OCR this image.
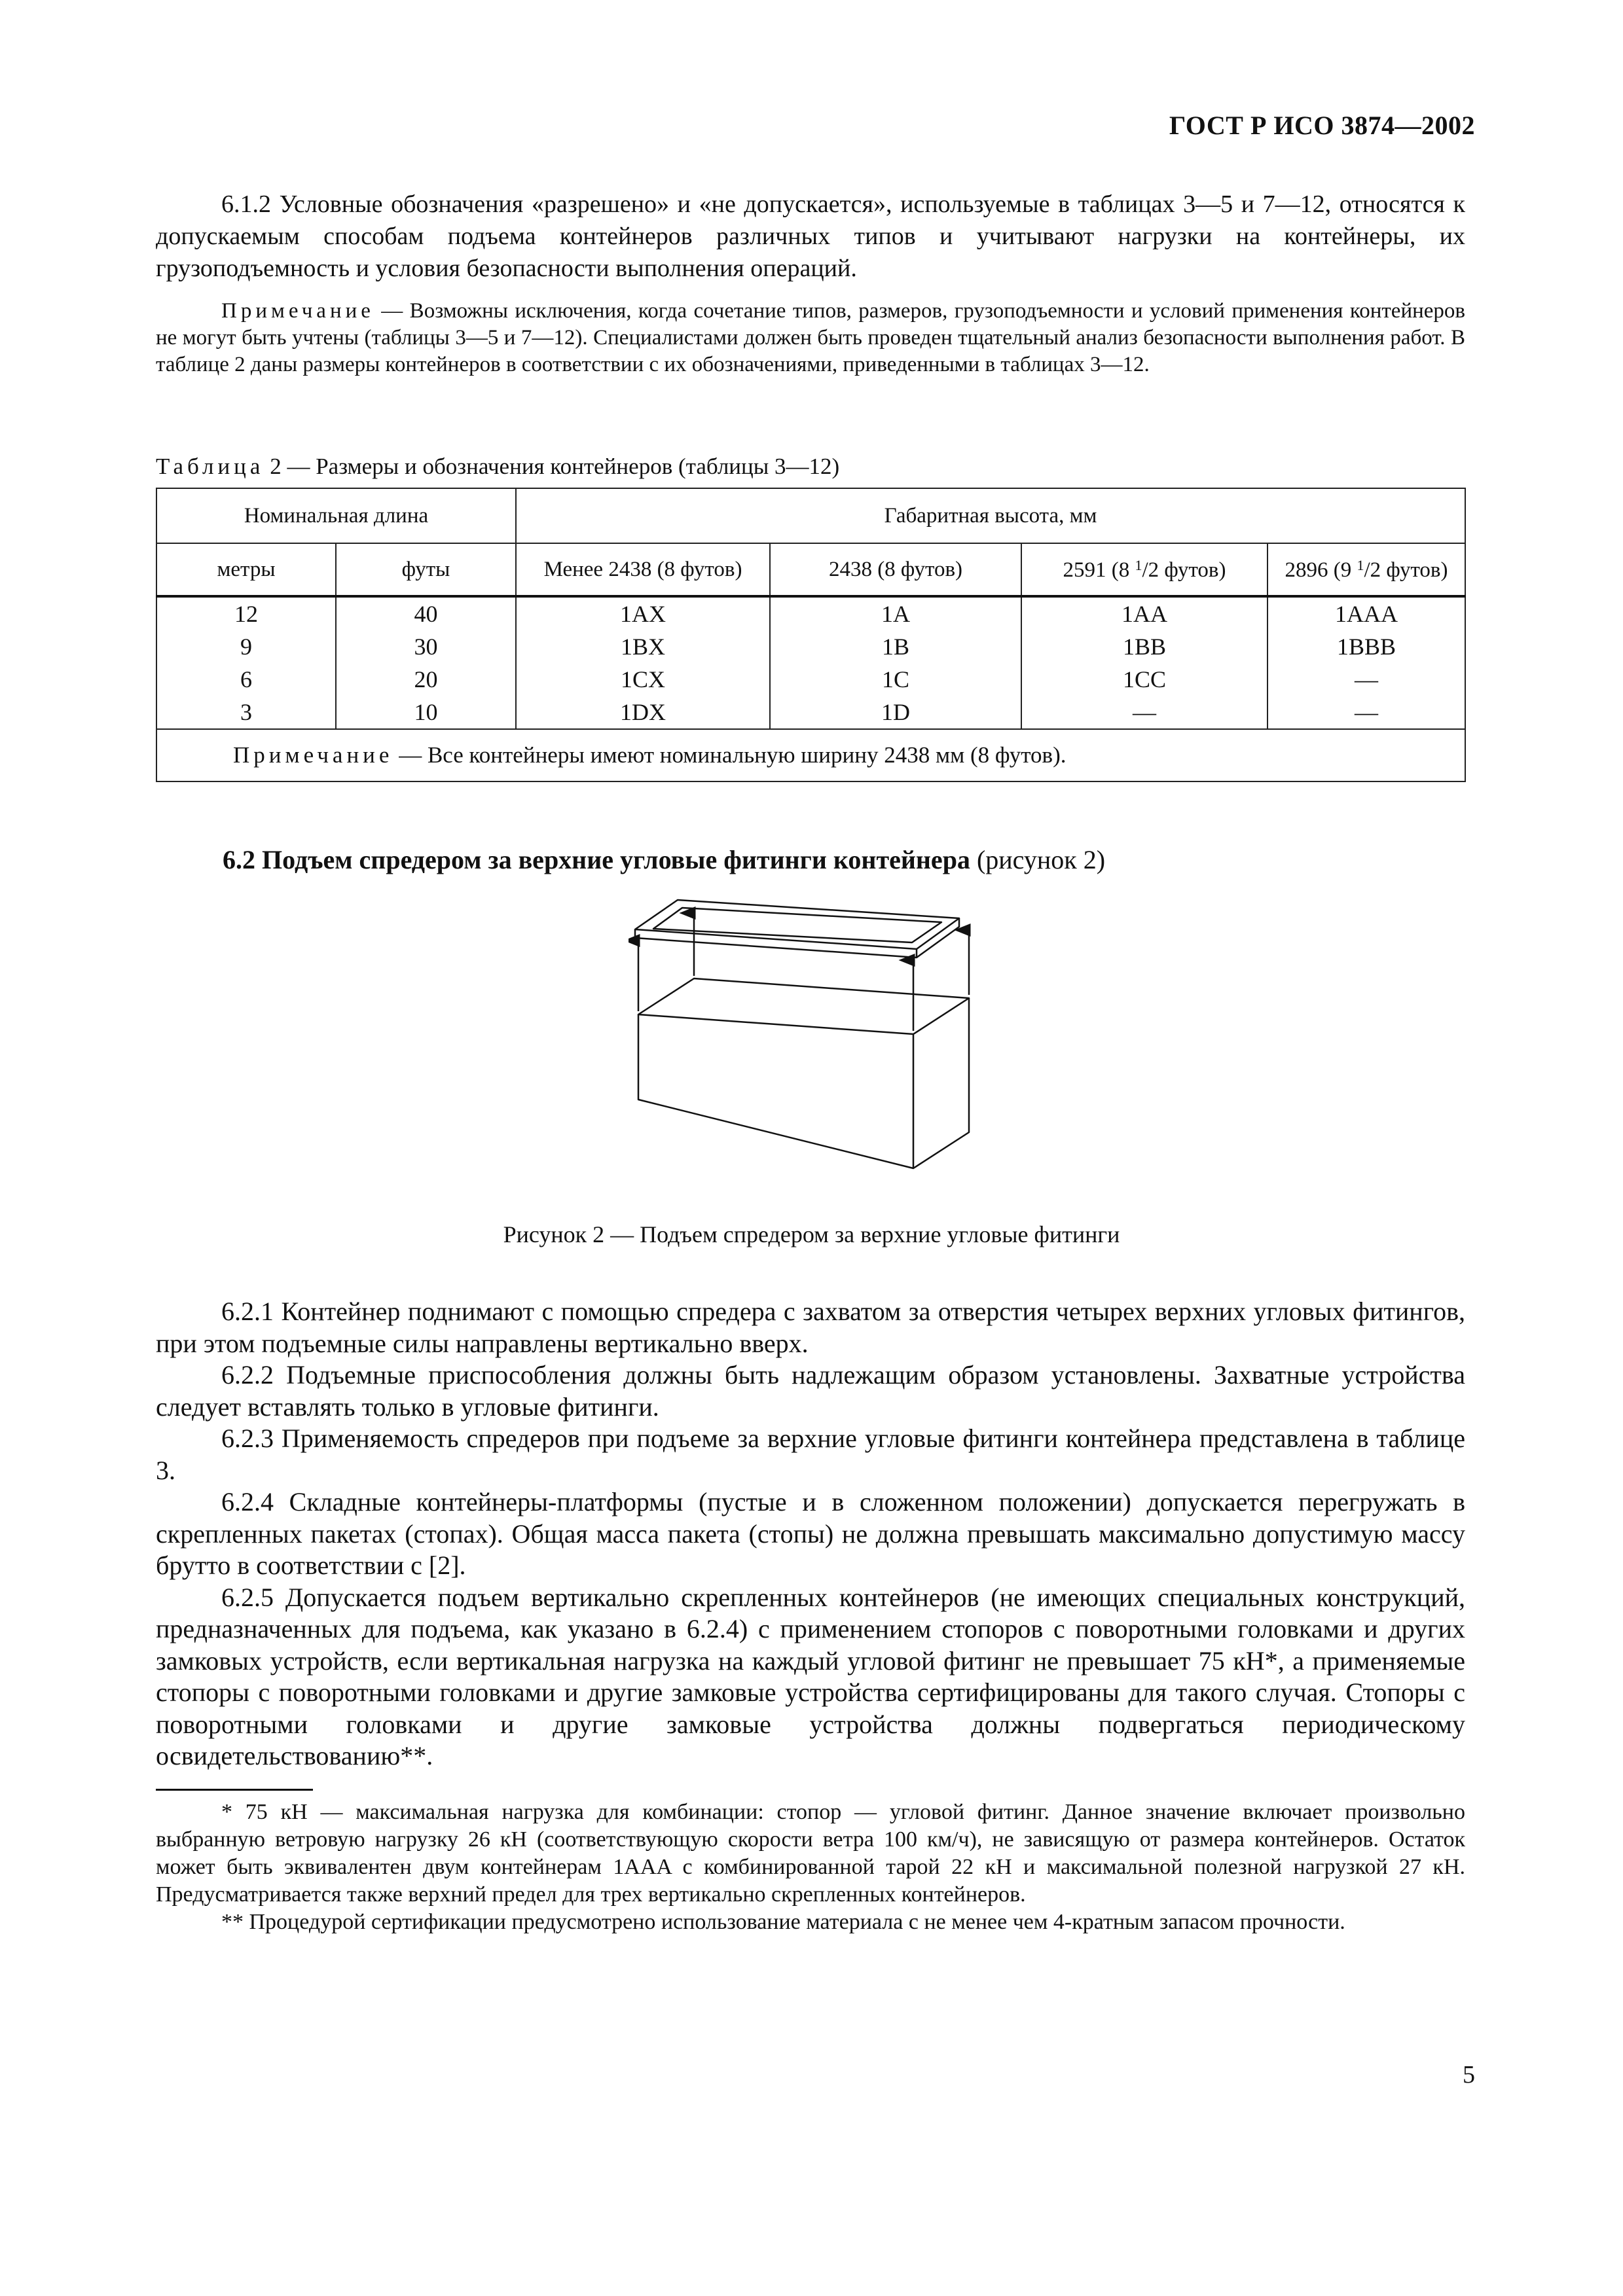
ГОСТ Р ИСО 3874—2002

6.1.2 Условные обозначения «разрешено» и «не допускается», используемые в таблицах 3—5 и 7—12, относятся к допускаемым способам подъема контейнеров различных типов и учитывают нагрузки на контейнеры, их грузоподъемность и условия безопасности выполнения операций.

Примечание — Возможны исключения, когда сочетание типов, размеров, грузоподъемности и условий применения контейнеров не могут быть учтены (таблицы 3—5 и 7—12). Специалистами должен быть проведен тщательный анализ безопасности выполнения работ. В таблице 2 даны размеры контейнеров в соответствии с их обозначениями, приведенными в таблицах 3—12.

Таблица 2 — Размеры и обозначения контейнеров (таблицы 3—12)
Номинальная длина		Габаритная высота, мм			
метры	футы	Менее 2438 (8 футов)	2438 (8 футов)	2591 (8 $^1$/2 футов)	2896 (9 $^1$/2 футов)
12	40	1AX	1A	1AA	1AAA
9	30	1BX	1B	1BB	1BBB
6	20	1CX	1C	1CC	—
3	10	1DX	1D	—	—
Примечание — Все контейнеры имеют номинальную ширину 2438 мм (8 футов).					
6.2 Подъем спредером за верхние угловые фитинги контейнера (рисунок 2)
Рисунок 2 — Подъем спредером за верхние угловые фитинги

6.2.1 Контейнер поднимают с помощью спредера с захватом за отверстия четырех верхних угловых фитингов, при этом подъемные силы направлены вертикально вверх.

6.2.2 Подъемные приспособления должны быть надлежащим образом установлены. Захватные устройства следует вставлять только в угловые фитинги.

6.2.3 Применяемость спредеров при подъеме за верхние угловые фитинги контейнера представлена в таблице 3.

6.2.4 Складные контейнеры-платформы (пустые и в сложенном положении) допускается перегружать в скрепленных пакетах (стопах). Общая масса пакета (стопы) не должна превышать максимально допустимую массу брутто в соответствии с [2].

6.2.5 Допускается подъем вертикально скрепленных контейнеров (не имеющих специальных конструкций, предназначенных для подъема, как указано в 6.2.4) с применением стопоров с поворотными головками и других замковых устройств, если вертикальная нагрузка на каждый угловой фитинг не превышает 75 кН*, а применяемые стопоры с поворотными головками и другие замковые устройства сертифицированы для такого случая. Стопоры с поворотными головками и другие замковые устройства должны подвергаться периодическому освидетельствованию**.

* 75 кН — максимальная нагрузка для комбинации: стопор — угловой фитинг. Данное значение включает произвольно выбранную ветровую нагрузку 26 кН (соответствующую скорости ветра 100 км/ч), не зависящую от размера контейнеров. Остаток может быть эквивалентен двум контейнерам 1AAA с комбинированной тарой 22 кН и максимальной полезной нагрузкой 27 кН. Предусматривается также верхний предел для трех вертикально скрепленных контейнеров.

** Процедурой сертификации предусмотрено использование материала с не менее чем 4-кратным запасом прочности.

5
